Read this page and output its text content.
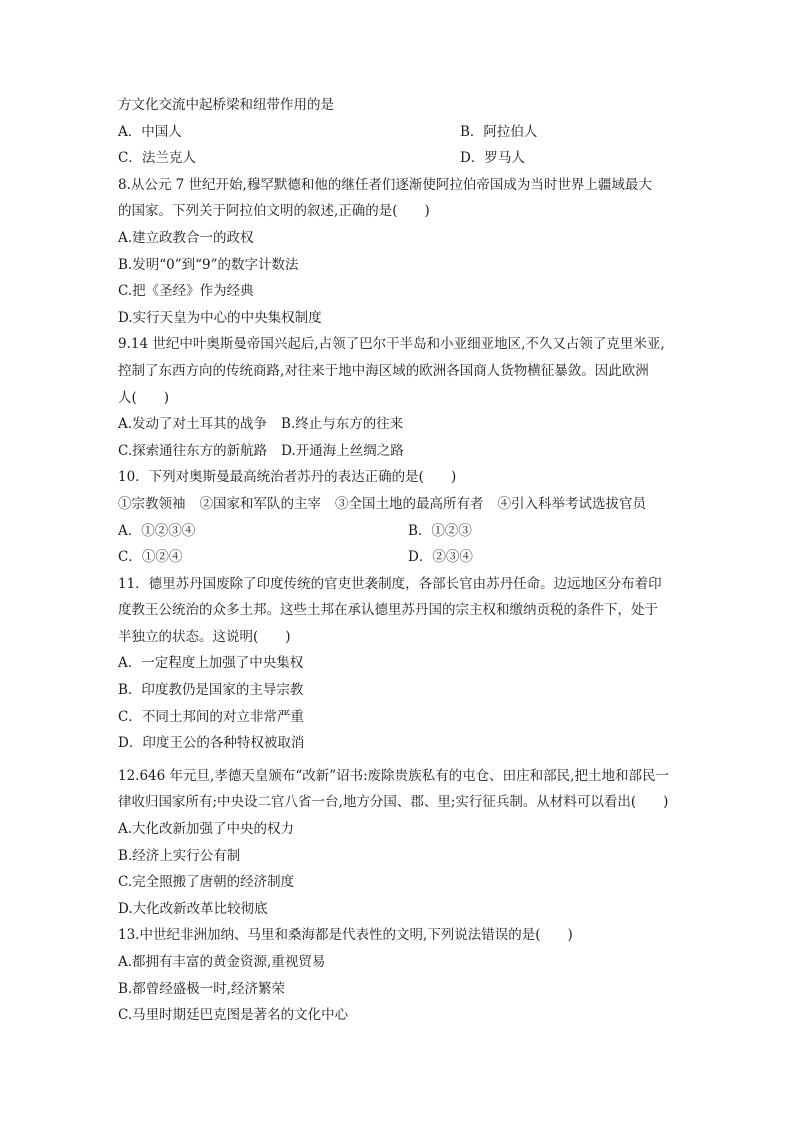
方文化交流中起桥梁和纽带作用的是
A．中国人	B．阿拉伯人
C．法兰克人	D．罗马人
8.从公元 7 世纪开始,穆罕默德和他的继任者们逐渐使阿拉伯帝国成为当时世界上疆域最大
的国家。下列关于阿拉伯文明的叙述,正确的是(　　)
A.建立政教合一的政权
B.发明“0”到“9”的数字计数法
C.把《圣经》作为经典
D.实行天皇为中心的中央集权制度
9.14 世纪中叶奥斯曼帝国兴起后,占领了巴尔干半岛和小亚细亚地区,不久又占领了克里米亚,
控制了东西方向的传统商路,对往来于地中海区域的欧洲各国商人货物横征暴敛。因此欧洲
人(　　)
A.发动了对土耳其的战争 B.终止与东方的往来
C.探索通往东方的新航路 D.开通海上丝绸之路
10．下列对奥斯曼最高统治者苏丹的表达正确的是(　　)
①宗教领袖 ②国家和军队的主宰 ③全国土地的最高所有者 ④引入科举考试选拔官员
A．①②③④	B．①②③
C．①②④	D．②③④
11．德里苏丹国废除了印度传统的官吏世袭制度，各部长官由苏丹任命。边远地区分布着印
度教王公统治的众多土邦。这些土邦在承认德里苏丹国的宗主权和缴纳贡税的条件下，处于
半独立的状态。这说明(　　)
A．一定程度上加强了中央集权
B．印度教仍是国家的主导宗教
C．不同土邦间的对立非常严重
D．印度王公的各种特权被取消
12.646 年元旦,孝德天皇颁布“改新”诏书:废除贵族私有的屯仓、田庄和部民,把土地和部民一
律收归国家所有;中央设二官八省一台,地方分国、郡、里;实行征兵制。从材料可以看出(　　)
A.大化改新加强了中央的权力
B.经济上实行公有制
C.完全照搬了唐朝的经济制度
D.大化改新改革比较彻底
13.中世纪非洲加纳、马里和桑海都是代表性的文明,下列说法错误的是(　　)
A.都拥有丰富的黄金资源,重视贸易
B.都曾经盛极一时,经济繁荣
C.马里时期廷巴克图是著名的文化中心
